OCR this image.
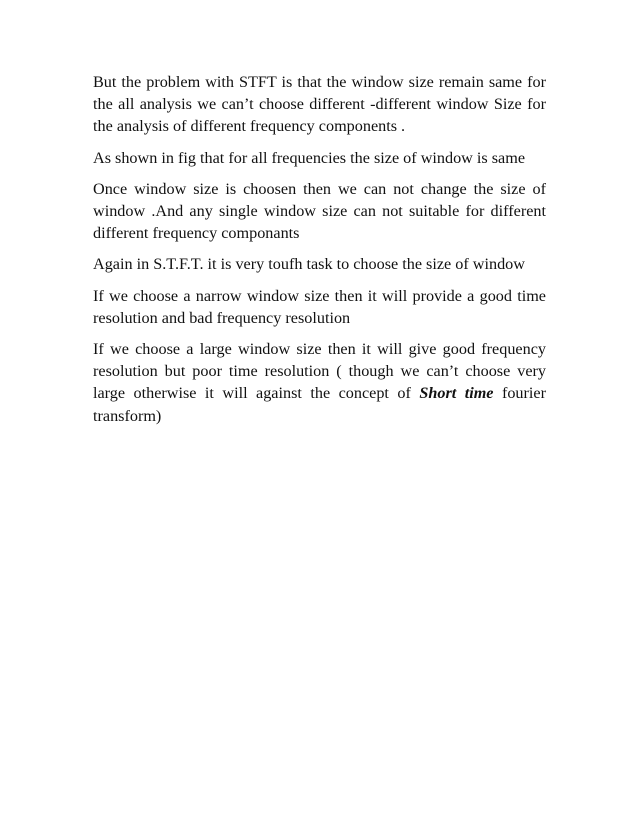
But the problem with STFT is that the window size remain same for the all analysis we can’t choose different -different window Size for the analysis of different frequency components .

As shown in fig that for all frequencies the size of window is same

Once window size is choosen then we can not change the size of window .And any single window size can not suitable for different different frequency componants

Again in S.T.F.T. it is very toufh task to choose the size of window

If we choose a narrow window size then it will provide a good time resolution and bad frequency resolution

If we choose a large window size then it will give good frequency resolution but poor time resolution ( though we can’t choose very large otherwise it will against the concept of Short time fourier transform)
